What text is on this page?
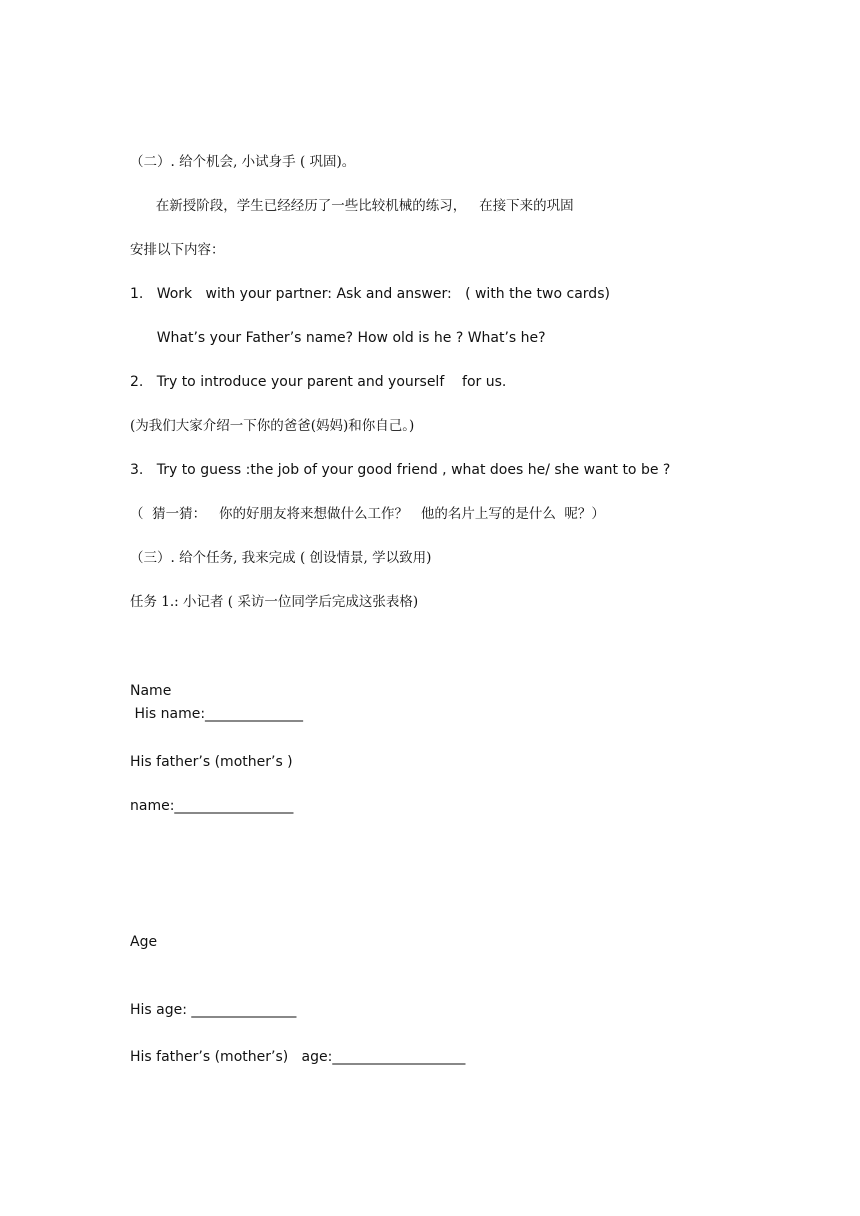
（二）. 给个机会, 小试身手 ( 巩固)。

在新授阶段，学生已经经历了一些比较机械的练习，   在接下来的巩固

安排以下内容：

1.   Work   with your partner: Ask and answer:   ( with the two cards)

What’s your Father’s name? How old is he ? What’s he?

2.   Try to introduce your parent and yourself    for us.

(为我们大家介绍一下你的爸爸(妈妈)和你自己。)

3.   Try to guess :the job of your good friend , what does he/ she want to be ?

（  猜一猜：   你的好朋友将来想做什么工作？   他的名片上写的是什么  呢？）

（三）. 给个任务, 我来完成 ( 创设情景, 学以致用)

任务 1.: 小记者 ( 采访一位同学后完成这张表格)

Name

His name:______________

His father’s (mother’s )

name:_________________

Age

His age: _______________

His father’s (mother’s)   age:___________________
